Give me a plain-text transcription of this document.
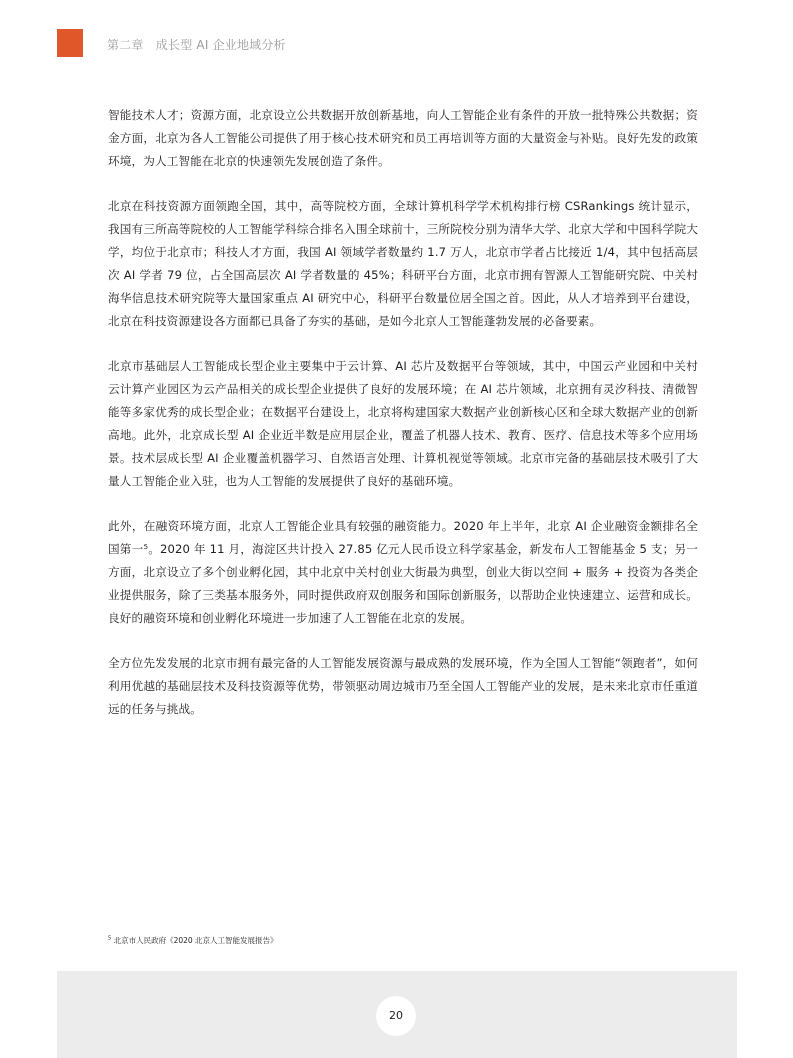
第二章　成长型 AI 企业地域分析

智能技术人才；资源方面，北京设立公共数据开放创新基地，向人工智能企业有条件的开放一批特殊公共数据；资金方面，北京为各人工智能公司提供了用于核心技术研究和员工再培训等方面的大量资金与补贴。良好先发的政策环境，为人工智能在北京的快速领先发展创造了条件。

北京在科技资源方面领跑全国，其中，高等院校方面，全球计算机科学学术机构排行榜 CSRankings 统计显示，我国有三所高等院校的人工智能学科综合排名入围全球前十，三所院校分别为清华大学、北京大学和中国科学院大学，均位于北京市；科技人才方面，我国 AI 领域学者数量约 1.7 万人，北京市学者占比接近 1/4，其中包括高层次 AI 学者 79 位，占全国高层次 AI 学者数量的 45%；科研平台方面，北京市拥有智源人工智能研究院、中关村海华信息技术研究院等大量国家重点 AI 研究中心，科研平台数量位居全国之首。因此，从人才培养到平台建设，北京在科技资源建设各方面都已具备了夯实的基础，是如今北京人工智能蓬勃发展的必备要素。

北京市基础层人工智能成长型企业主要集中于云计算、AI 芯片及数据平台等领域，其中，中国云产业园和中关村云计算产业园区为云产品相关的成长型企业提供了良好的发展环境；在 AI 芯片领域，北京拥有灵汐科技、清微智能等多家优秀的成长型企业；在数据平台建设上，北京将构建国家大数据产业创新核心区和全球大数据产业的创新高地。此外，北京成长型 AI 企业近半数是应用层企业，覆盖了机器人技术、教育、医疗、信息技术等多个应用场景。技术层成长型 AI 企业覆盖机器学习、自然语言处理、计算机视觉等领域。北京市完备的基础层技术吸引了大量人工智能企业入驻，也为人工智能的发展提供了良好的基础环境。

此外，在融资环境方面，北京人工智能企业具有较强的融资能力。2020 年上半年，北京 AI 企业融资金额排名全国第一⁵。2020 年 11 月，海淀区共计投入 27.85 亿元人民币设立科学家基金，新发布人工智能基金 5 支；另一方面，北京设立了多个创业孵化园，其中北京中关村创业大街最为典型，创业大街以空间 + 服务 + 投资为各类企业提供服务，除了三类基本服务外，同时提供政府双创服务和国际创新服务，以帮助企业快速建立、运营和成长。良好的融资环境和创业孵化环境进一步加速了人工智能在北京的发展。

全方位先发发展的北京市拥有最完备的人工智能发展资源与最成熟的发展环境，作为全国人工智能“领跑者”，如何利用优越的基础层技术及科技资源等优势，带领驱动周边城市乃至全国人工智能产业的发展，是未来北京市任重道远的任务与挑战。

$^5$ 北京市人民政府《2020 北京人工智能发展报告》
20
